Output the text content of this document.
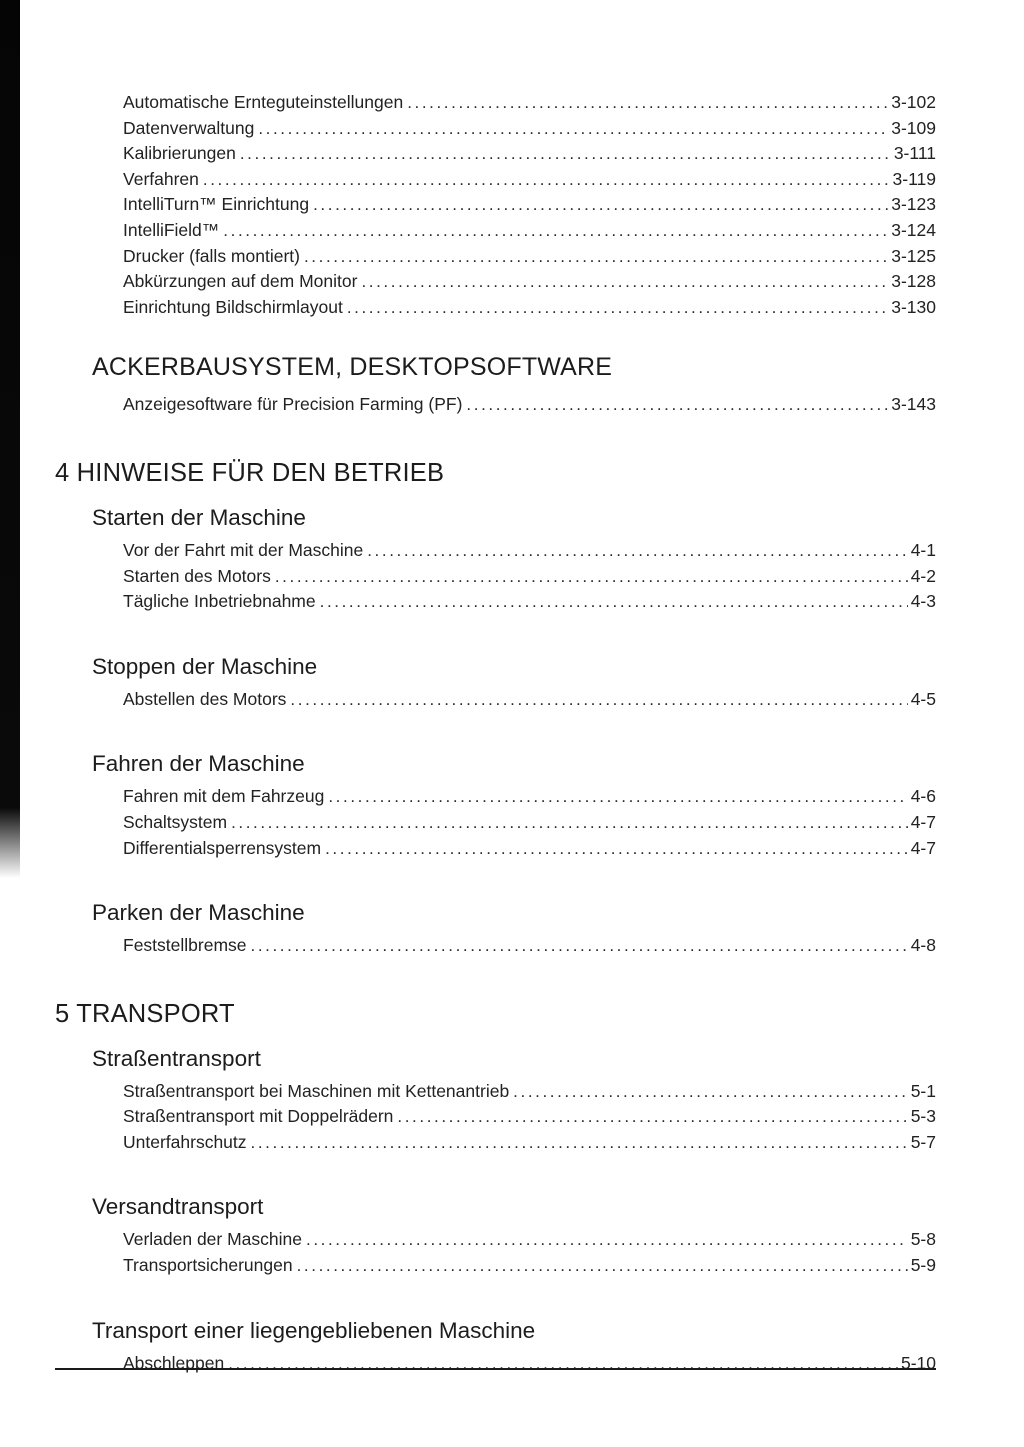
Automatische Ernteguteinstellungen .....	3-102
Datenverwaltung .....	3-109
Kalibrierungen .....	3-111
Verfahren .....	3-119
IntelliTurn™ Einrichtung .....	3-123
IntelliField™ .....	3-124
Drucker (falls montiert) .....	3-125
Abkürzungen auf dem Monitor .....	3-128
Einrichtung Bildschirmlayout .....	3-130
ACKERBAUSYSTEM, DESKTOPSOFTWARE
Anzeigesoftware für Precision Farming (PF) .....	3-143
4 HINWEISE FÜR DEN BETRIEB
Starten der Maschine
Vor der Fahrt mit der Maschine .....	4-1
Starten des Motors .....	4-2
Tägliche Inbetriebnahme .....	4-3
Stoppen der Maschine
Abstellen des Motors .....	4-5
Fahren der Maschine
Fahren mit dem Fahrzeug .....	4-6
Schaltsystem .....	4-7
Differentialsperrensystem .....	4-7
Parken der Maschine
Feststellbremse .....	4-8
5 TRANSPORT
Straßentransport
Straßentransport bei Maschinen mit Kettenantrieb .....	5-1
Straßentransport mit Doppelrädern .....	5-3
Unterfahrschutz .....	5-7
Versandtransport
Verladen der Maschine .....	5-8
Transportsicherungen .....	5-9
Transport einer liegengebliebenen Maschine
Abschleppen .....	5-10
